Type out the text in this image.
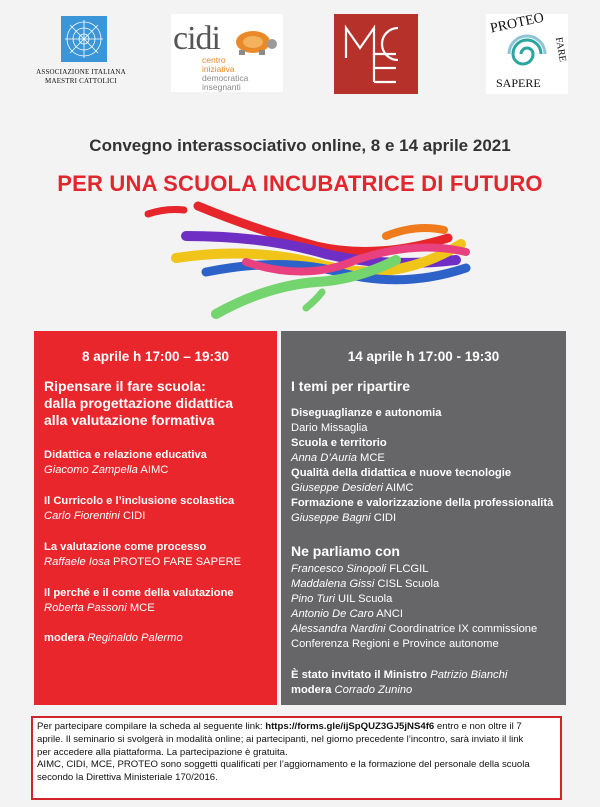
ASSOCIAZIONE ITALIANA
MAESTRI CATTOLICI
cidi
centro
iniziativa
democratica
insegnanti
PROTEO
FARE
SAPERE
Convegno interassociativo online, 8 e 14 aprile 2021
PER UNA SCUOLA INCUBATRICE DI FUTURO
8 aprile h 17:00 – 19:30
Ripensare il fare scuola:
dalla progettazione didattica
alla valutazione formativa
Didattica e relazione educativa
Giacomo Zampella AIMC
Il Curricolo e l’inclusione scolastica
Carlo Fiorentini CIDI
La valutazione come processo
Raffaele Iosa PROTEO FARE SAPERE
Il perché e il come della valutazione
Roberta Passoni MCE
modera Reginaldo Palermo
14 aprile h 17:00 - 19:30
I temi per ripartire
Diseguaglianze e autonomia
Dario Missaglia
Scuola e territorio
Anna D’Auria MCE
Qualità della didattica e nuove tecnologie
Giuseppe Desideri AIMC
Formazione e valorizzazione della professionalità
Giuseppe Bagni CIDI
Ne parliamo con
Francesco Sinopoli FLCGIL
Maddalena Gissi CISL Scuola
Pino Turi UIL Scuola
Antonio De Caro ANCI
Alessandra Nardini Coordinatrice IX commissione
Conferenza Regioni e Province autonome
È stato invitato il Ministro Patrizio Bianchi
modera Corrado Zunino
Per partecipare compilare la scheda al seguente link: https://forms.gle/ijSpQUZ3GJ5jNS4f6 entro e non oltre il 7
aprile. Il seminario si svolgerà in modalità online; ai partecipanti, nel giorno precedente l’incontro, sarà inviato il link
per accedere alla piattaforma. La partecipazione è gratuita.
AIMC, CIDI, MCE, PROTEO sono soggetti qualificati per l’aggiornamento e la formazione del personale della scuola
secondo la Direttiva Ministeriale 170/2016.
